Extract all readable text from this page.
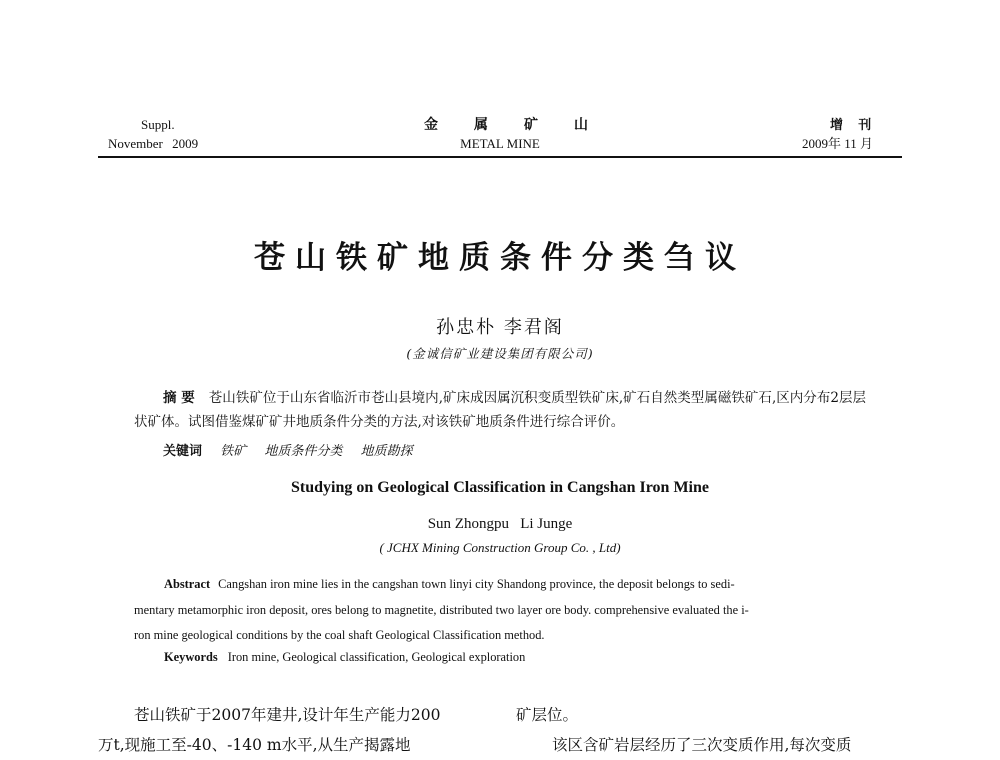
Suppl.
November 2009
金属矿山
METAL MINE
增 刊
2009年 11 月
苍山铁矿地质条件分类刍议
孙忠朴 李君阁
(金诚信矿业建设集团有限公司)
摘 要 苍山铁矿位于山东省临沂市苍山县境内,矿床成因属沉积变质型铁矿床,矿石自然类型属磁铁矿石,区内分布2层层状矿体。试图借鉴煤矿矿井地质条件分类的方法,对该铁矿地质条件进行综合评价。
关键词 铁矿 地质条件分类 地质勘探
Studying on Geological Classification in Cangshan Iron Mine
Sun Zhongpu   Li Junge
( JCHX Mining Construction Group Co. , Ltd)
Abstract Cangshan iron mine lies in the cangshan town linyi city Shandong province, the deposit belongs to sedi-
mentary metamorphic iron deposit, ores belong to magnetite, distributed two layer ore body. comprehensive evaluated the i-
ron mine geological conditions by the coal shaft Geological Classification method.
Keywords Iron mine, Geological classification, Geological exploration
苍山铁矿于2007年建井,设计年生产能力200
万t,现施工至-40、-140 m水平,从生产揭露地
矿层位。
该区含矿岩层经历了三次变质作用,每次变质
